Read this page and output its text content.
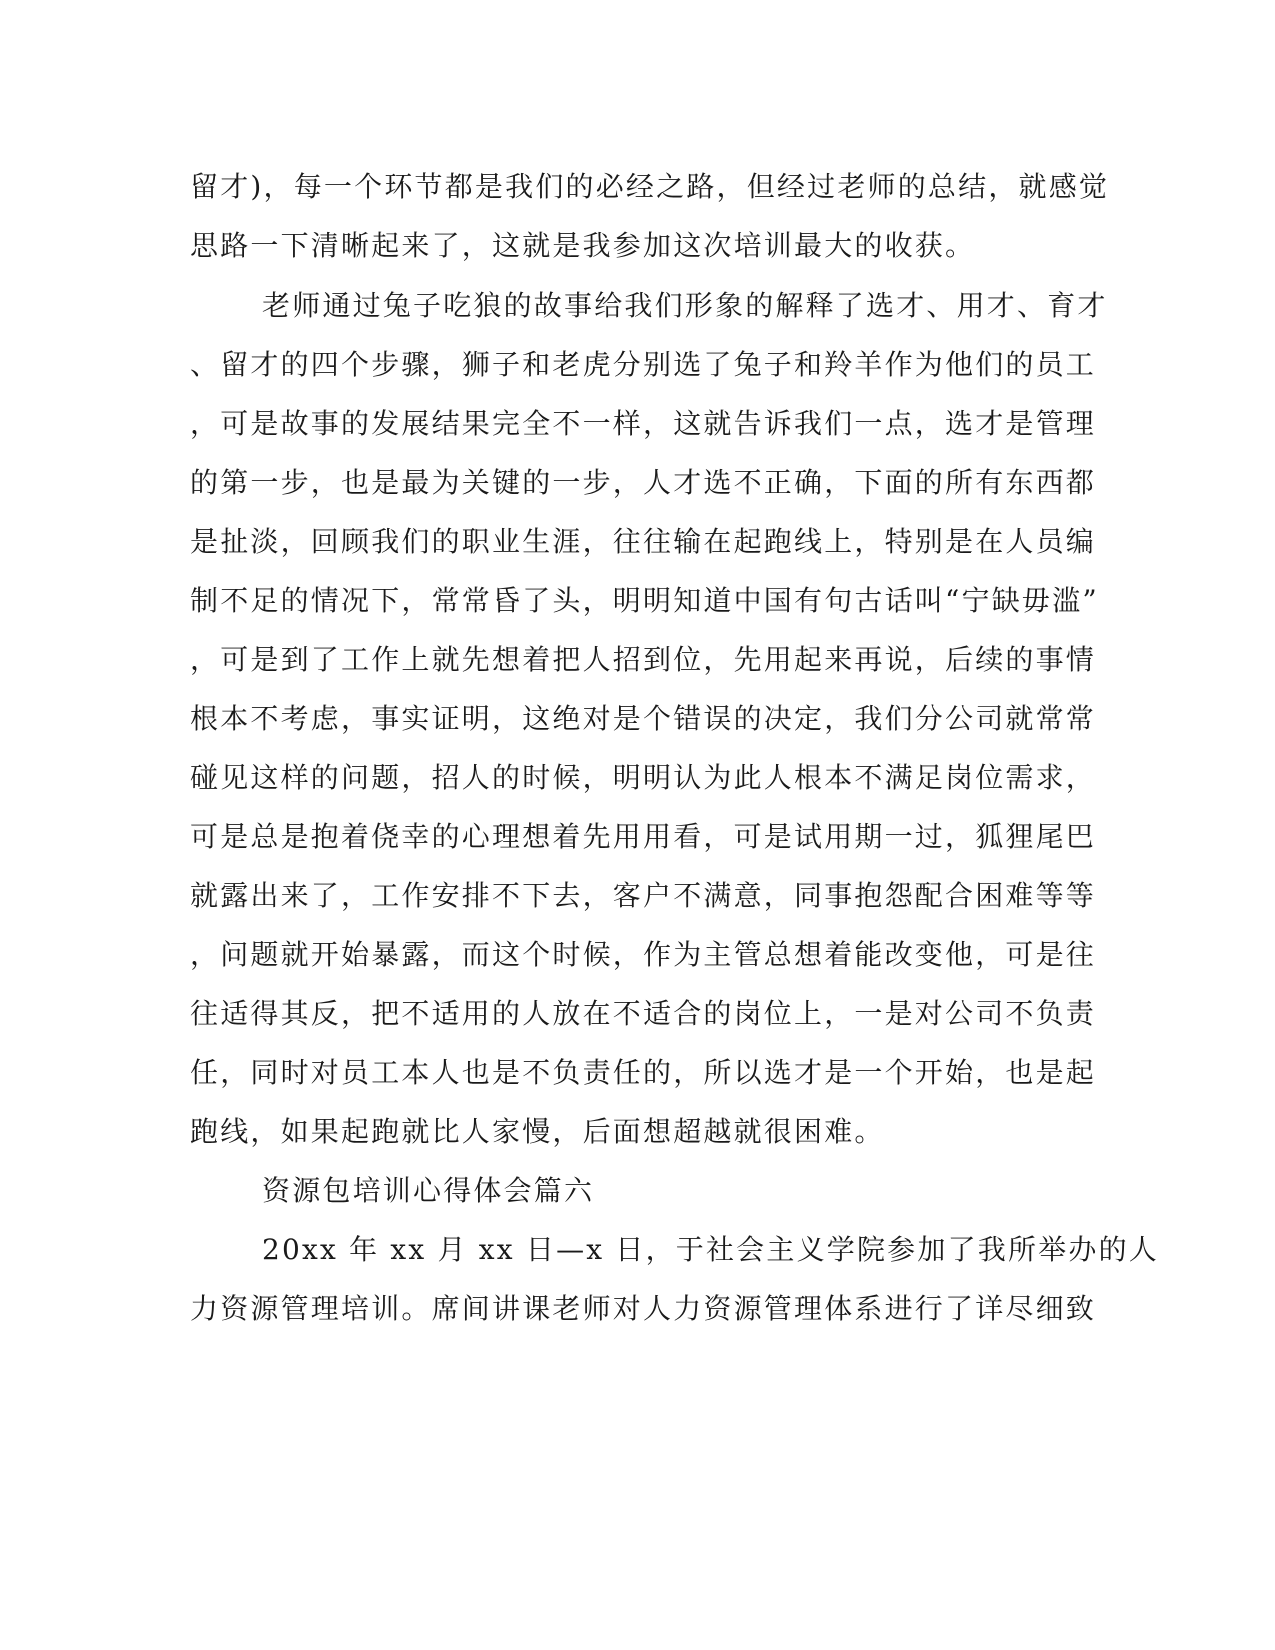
留才)，每一个环节都是我们的必经之路，但经过老师的总结，就感觉
思路一下清晰起来了，这就是我参加这次培训最大的收获。
老师通过兔子吃狼的故事给我们形象的解释了选才、用才、育才
、留才的四个步骤，狮子和老虎分别选了兔子和羚羊作为他们的员工
，可是故事的发展结果完全不一样，这就告诉我们一点，选才是管理
的第一步，也是最为关键的一步，人才选不正确，下面的所有东西都
是扯淡，回顾我们的职业生涯，往往输在起跑线上，特别是在人员编
制不足的情况下，常常昏了头，明明知道中国有句古话叫“宁缺毋滥”
，可是到了工作上就先想着把人招到位，先用起来再说，后续的事情
根本不考虑，事实证明，这绝对是个错误的决定，我们分公司就常常
碰见这样的问题，招人的时候，明明认为此人根本不满足岗位需求，
可是总是抱着侥幸的心理想着先用用看，可是试用期一过，狐狸尾巴
就露出来了，工作安排不下去，客户不满意，同事抱怨配合困难等等
，问题就开始暴露，而这个时候，作为主管总想着能改变他，可是往
往适得其反，把不适用的人放在不适合的岗位上，一是对公司不负责
任，同时对员工本人也是不负责任的，所以选才是一个开始，也是起
跑线，如果起跑就比人家慢，后面想超越就很困难。
资源包培训心得体会篇六
20xx 年 xx 月 xx 日—x 日，于社会主义学院参加了我所举办的人
力资源管理培训。席间讲课老师对人力资源管理体系进行了详尽细致
